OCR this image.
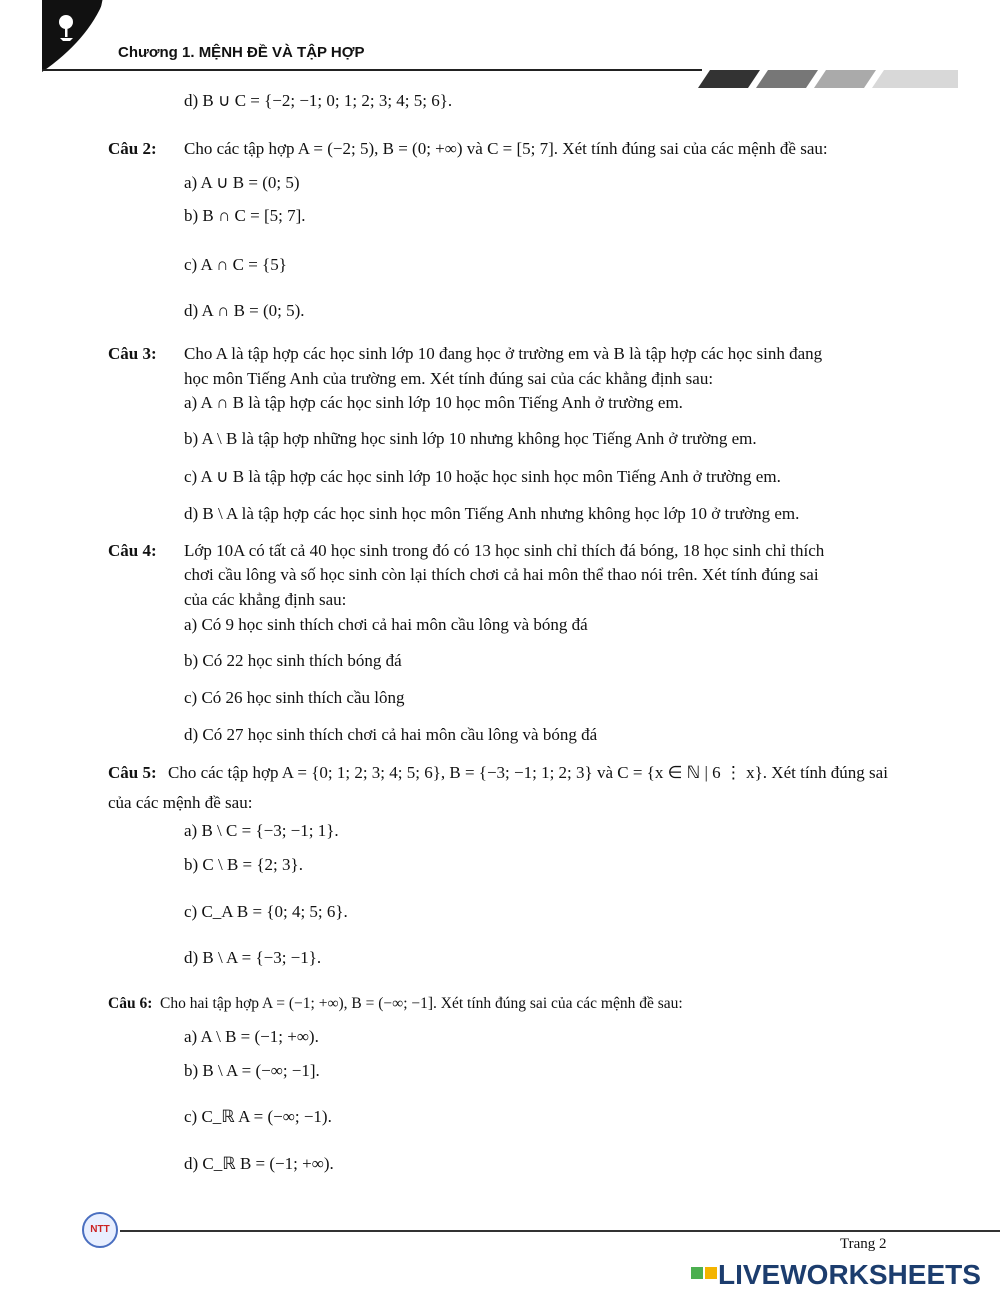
Chương 1. MỆNH ĐỀ VÀ TẬP HỢP
d) B ∪ C = {−2; −1; 0; 1; 2; 3; 4; 5; 6}.
Câu 2: Cho các tập hợp A = (−2; 5), B = (0; +∞) và C = [5; 7]. Xét tính đúng sai của các mệnh đề sau:
a) A ∪ B = (0; 5)
b) B ∩ C = [5; 7].
c) A ∩ C = {5}
d) A ∩ B = (0; 5).
Câu 3: Cho A là tập hợp các học sinh lớp 10 đang học ở trường em và B là tập hợp các học sinh đang
học môn Tiếng Anh của trường em. Xét tính đúng sai của các khẳng định sau:
a) A ∩ B là tập hợp các học sinh lớp 10 học môn Tiếng Anh ở trường em.
b) A \ B là tập hợp những học sinh lớp 10 nhưng không học Tiếng Anh ở trường em.
c) A ∪ B là tập hợp các học sinh lớp 10 hoặc học sinh học môn Tiếng Anh ở trường em.
d) B \ A là tập hợp các học sinh học môn Tiếng Anh nhưng không học lớp 10 ở trường em.
Câu 4: Lớp 10A có tất cả 40 học sinh trong đó có 13 học sinh chỉ thích đá bóng, 18 học sinh chỉ thích
chơi cầu lông và số học sinh còn lại thích chơi cả hai môn thể thao nói trên. Xét tính đúng sai
của các khẳng định sau:
a) Có 9 học sinh thích chơi cả hai môn cầu lông và bóng đá
b) Có 22 học sinh thích bóng đá
c) Có 26 học sinh thích cầu lông
d) Có 27 học sinh thích chơi cả hai môn cầu lông và bóng đá
Câu 5: Cho các tập hợp A = {0; 1; 2; 3; 4; 5; 6}, B = {−3; −1; 1; 2; 3} và C = {x ∈ ℕ | 6 ⋮ x}. Xét tính đúng sai
của các mệnh đề sau:
a) B \ C = {−3; −1; 1}.
b) C \ B = {2; 3}.
c) C_A B = {0; 4; 5; 6}.
d) B \ A = {−3; −1}.
Câu 6: Cho hai tập hợp A = (−1; +∞), B = (−∞; −1]. Xét tính đúng sai của các mệnh đề sau:
a) A \ B = (−1; +∞).
b) B \ A = (−∞; −1].
c) C_ℝ A = (−∞; −1).
d) C_ℝ B = (−1; +∞).
NTT
Trang 2
LIVEWORKSHEETS
